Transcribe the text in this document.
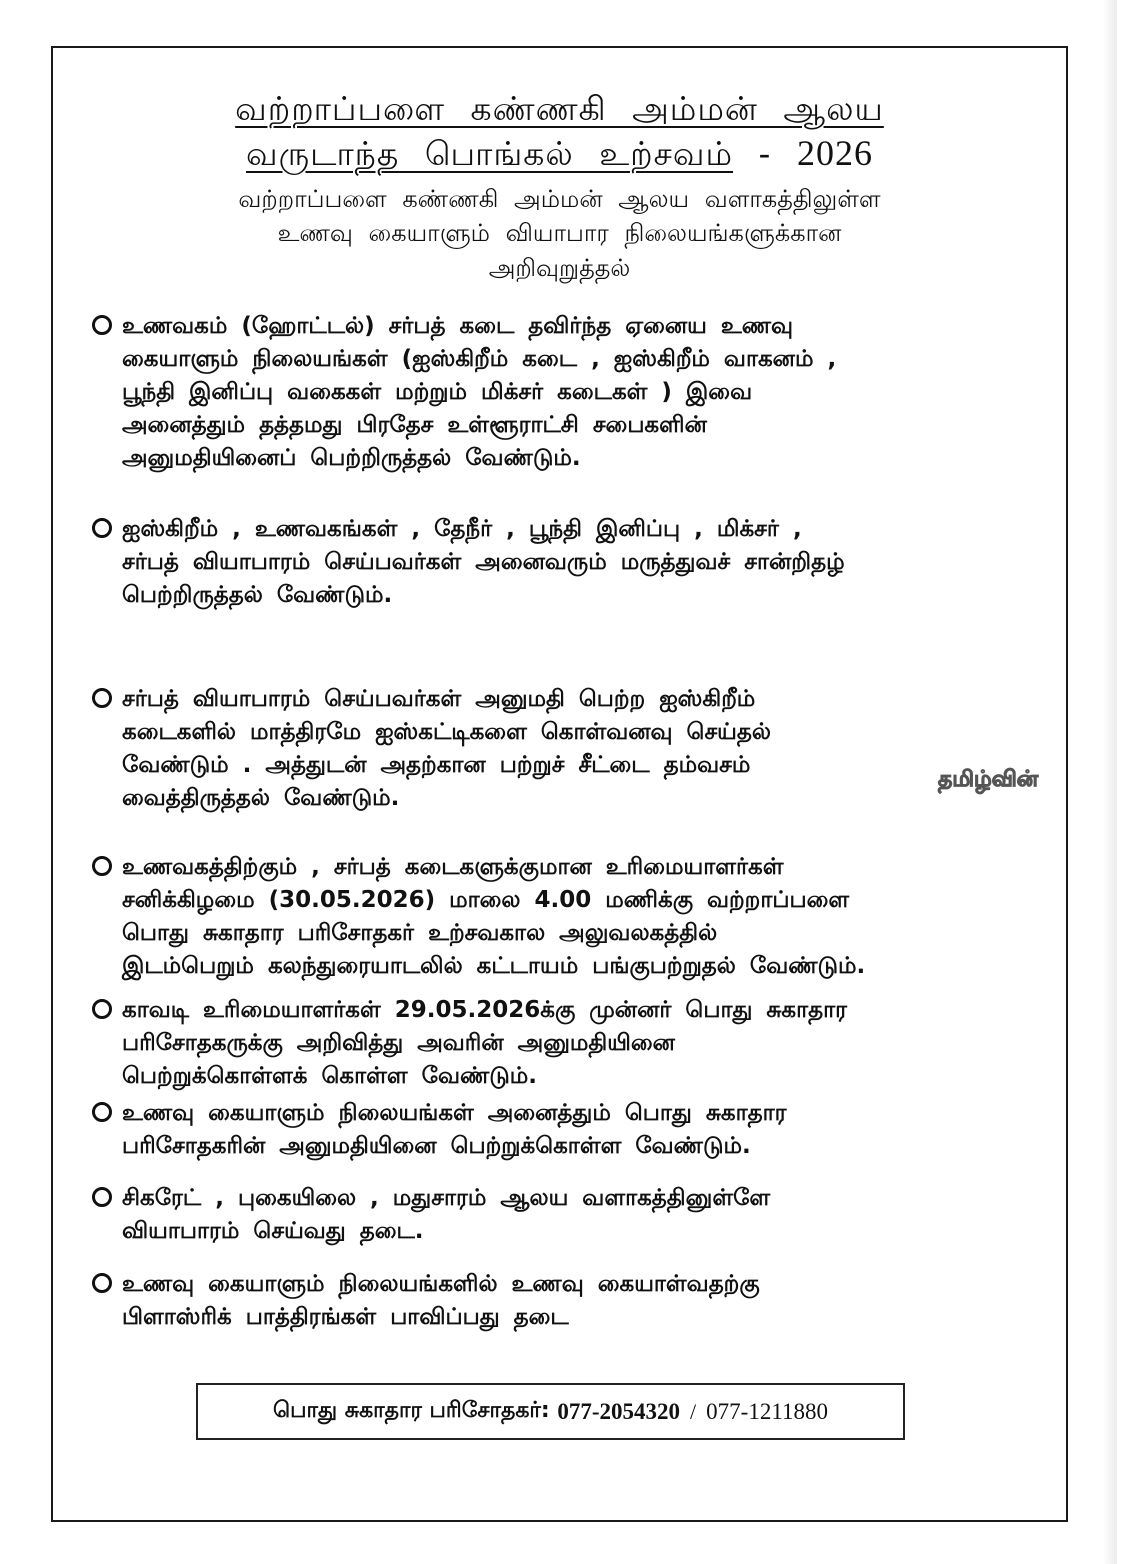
வற்றாப்பளை கண்ணகி அம்மன் ஆலய
வருடாந்த பொங்கல் உற்சவம் - 2026
வற்றாப்பளை கண்ணகி அம்மன் ஆலய வளாகத்திலுள்ள
உணவு கையாளும் வியாபார நிலையங்களுக்கான
அறிவுறுத்தல்
உணவகம் (ஹோட்டல்) சர்பத் கடை தவிர்ந்த ஏனைய உணவு
கையாளும் நிலையங்கள் (ஐஸ்கிறீம் கடை , ஐஸ்கிறீம் வாகனம் ,
பூந்தி இனிப்பு வகைகள் மற்றும் மிக்சர் கடைகள் ) இவை
அனைத்தும் தத்தமது பிரதேச உள்ளூராட்சி சபைகளின்
அனுமதியினைப் பெற்றிருத்தல் வேண்டும்.
ஐஸ்கிறீம் , உணவகங்கள் , தேநீர் , பூந்தி இனிப்பு , மிக்சர் ,
சர்பத் வியாபாரம் செய்பவர்கள் அனைவரும் மருத்துவச் சான்றிதழ்
பெற்றிருத்தல் வேண்டும்.
சர்பத் வியாபாரம் செய்பவர்கள் அனுமதி பெற்ற ஐஸ்கிறீம்
கடைகளில் மாத்திரமே ஐஸ்கட்டிகளை கொள்வனவு செய்தல்
வேண்டும் . அத்துடன் அதற்கான பற்றுச் சீட்டை தம்வசம்
வைத்திருத்தல் வேண்டும்.
உணவகத்திற்கும் , சர்பத் கடைகளுக்குமான உரிமையாளர்கள்
சனிக்கிழமை (30.05.2026) மாலை 4.00 மணிக்கு வற்றாப்பளை
பொது சுகாதார பரிசோதகர் உற்சவகால அலுவலகத்தில்
இடம்பெறும் கலந்துரையாடலில் கட்டாயம் பங்குபற்றுதல் வேண்டும்.
காவடி உரிமையாளர்கள் 29.05.2026க்கு முன்னர் பொது சுகாதார
பரிசோதகருக்கு அறிவித்து அவரின் அனுமதியினை
பெற்றுக்கொள்ளக் கொள்ள வேண்டும்.
உணவு கையாளும் நிலையங்கள் அனைத்தும் பொது சுகாதார
பரிசோதகரின் அனுமதியினை பெற்றுக்கொள்ள வேண்டும்.
சிகரேட் , புகையிலை , மதுசாரம் ஆலய வளாகத்தினுள்ளே
வியாபாரம் செய்வது தடை.
உணவு கையாளும் நிலையங்களில் உணவு கையாள்வதற்கு
பிளாஸ்ரிக் பாத்திரங்கள் பாவிப்பது தடை
தமிழ்வின்
பொது சுகாதார பரிசோதகர்:
077-2054320 / 077-1211880
